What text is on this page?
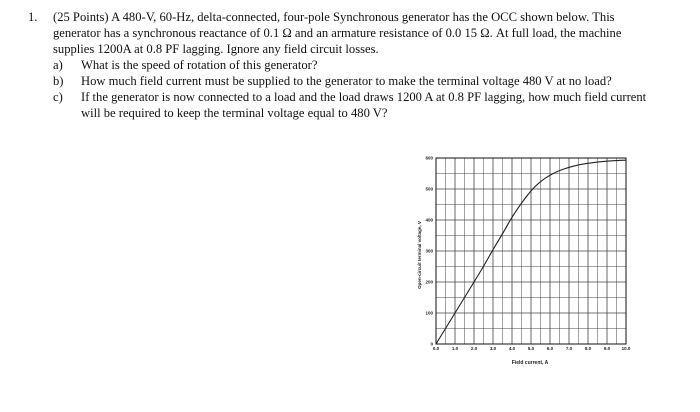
1. (25 Points) A 480-V, 60-Hz, delta-connected, four-pole Synchronous generator has the OCC shown below. This generator has a synchronous reactance of 0.1 Ω and an armature resistance of 0.0 15 Ω. At full load, the machine supplies 1200A at 0.8 PF lagging. Ignore any field circuit losses.

a) What is the speed of rotation of this generator?
b) How much field current must be supplied to the generator to make the terminal voltage 480 V at no load?
c) If the generator is now connected to a load and the load draws 1200 A at 0.8 PF lagging, how much field current will be required to keep the terminal voltage equal to 480 V?
0.0	1.0	2.0	3.0	4.0	5.0	6.0	7.0	8.0	9.0	10.0
0
100
200
300
400
500
600
Field current, A
Open-circuit terminal voltage, V
